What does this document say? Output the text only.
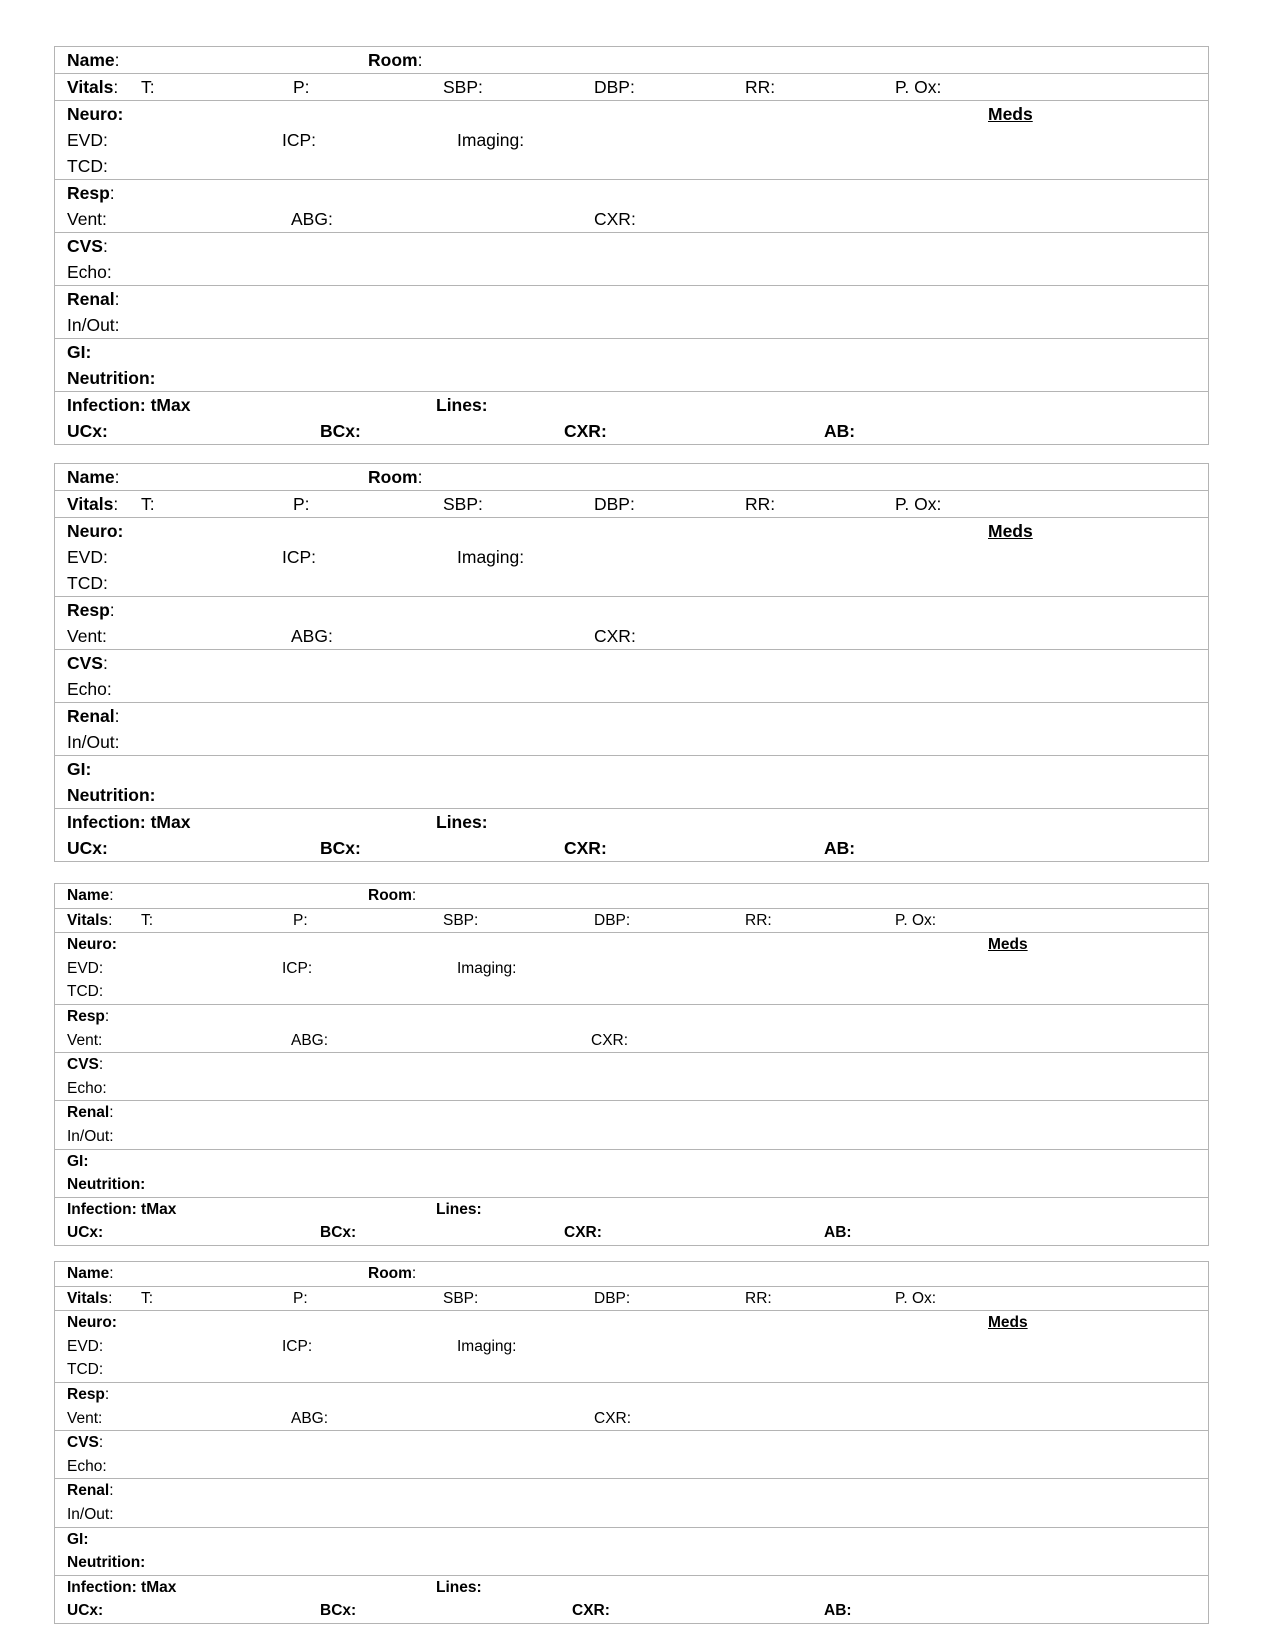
Name:	Room:
Vitals: T:	P:	SBP:	DBP:	RR:	P. Ox:
Neuro:	Meds
EVD:	ICP:	Imaging:
TCD:
Resp:
Vent:	ABG:	CXR:
CVS:
Echo:
Renal:
In/Out:
GI:
Neutrition:
Infection: tMax	Lines:
UCx:	BCx:	CXR:	AB:
Name:	Room:
Vitals: T:	P:	SBP:	DBP:	RR:	P. Ox:
Neuro:	Meds
EVD:	ICP:	Imaging:
TCD:
Resp:
Vent:	ABG:	CXR:
CVS:
Echo:
Renal:
In/Out:
GI:
Neutrition:
Infection: tMax	Lines:
UCx:	BCx:	CXR:	AB:
Name:	Room:
Vitals: T:	P:	SBP:	DBP:	RR:	P. Ox:
Neuro:	Meds
EVD:	ICP:	Imaging:
TCD:
Resp:
Vent:	ABG:	CXR:
CVS:
Echo:
Renal:
In/Out:
GI:
Neutrition:
Infection: tMax	Lines:
UCx:	BCx:	CXR:	AB:
Name:	Room:
Vitals: T:	P:	SBP:	DBP:	RR:	P. Ox:
Neuro:	Meds
EVD:	ICP:	Imaging:
TCD:
Resp:
Vent:	ABG:	CXR:
CVS:
Echo:
Renal:
In/Out:
GI:
Neutrition:
Infection: tMax	Lines:
UCx:	BCx:	CXR:	AB:
